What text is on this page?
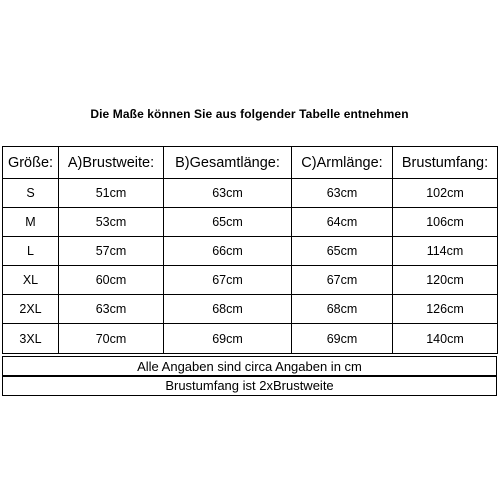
Die Maße können Sie aus folgender Tabelle entnehmen
Größe:	A)Brustweite:	B)Gesamtlänge:	C)Armlänge:	Brustumfang:
S	51cm	63cm	63cm	102cm
M	53cm	65cm	64cm	106cm
L	57cm	66cm	65cm	114cm
XL	60cm	67cm	67cm	120cm
2XL	63cm	68cm	68cm	126cm
3XL	70cm	69cm	69cm	140cm
Alle Angaben sind circa Angaben in cm
Brustumfang ist 2xBrustweite
